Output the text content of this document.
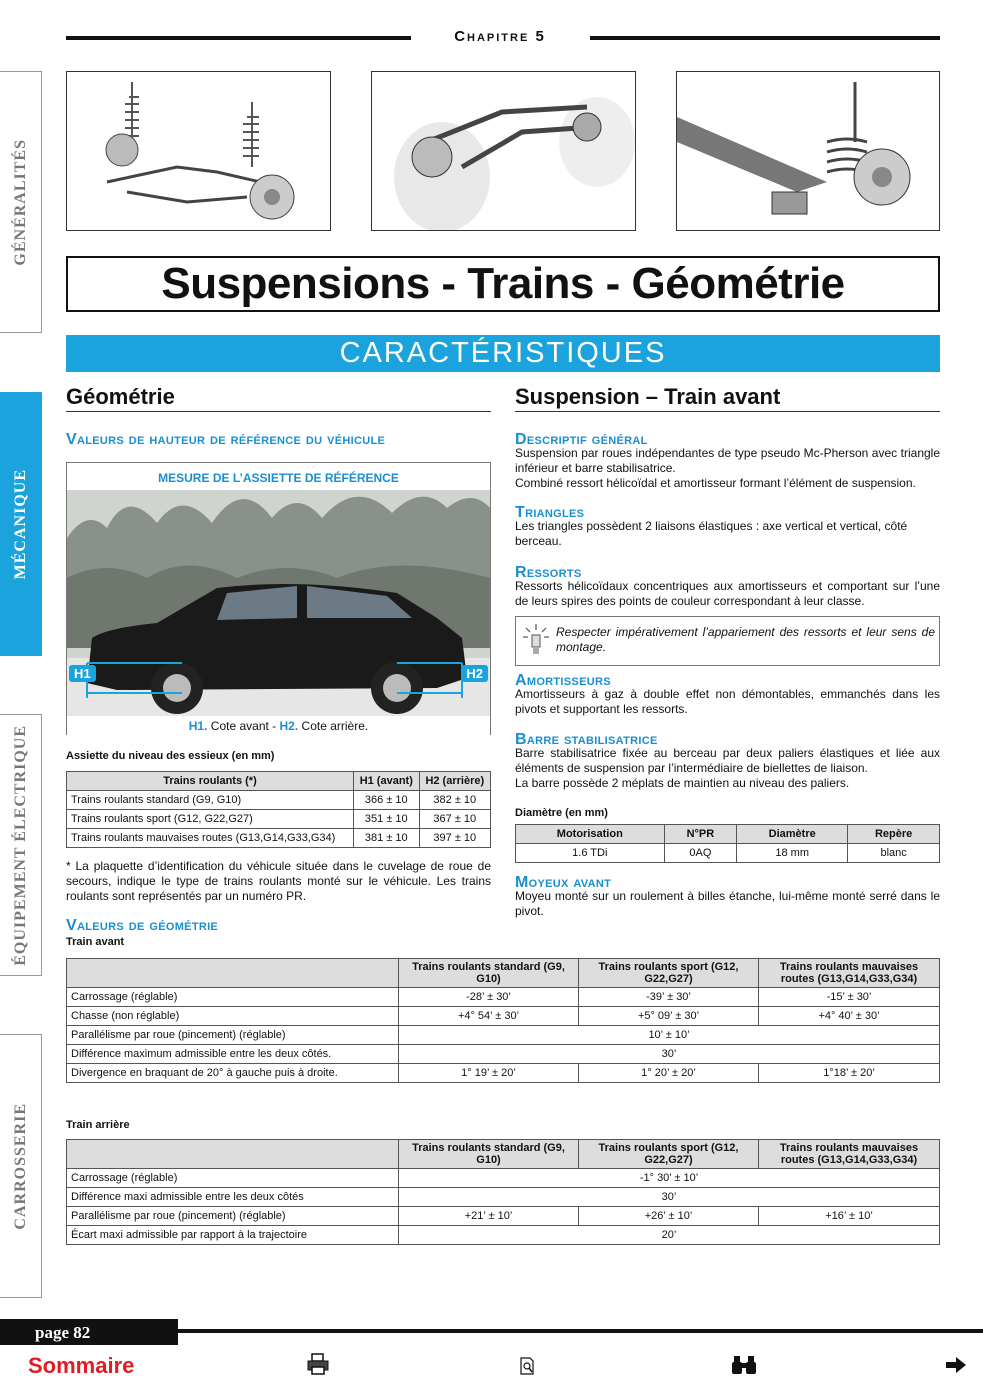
Chapitre 5
GÉNÉRALITÉS
MÉCANIQUE
ÉQUIPEMENT ÉLECTRIQUE
CARROSSERIE
Suspensions - Trains - Géométrie
CARACTÉRISTIQUES
Géométrie
Valeurs de hauteur de référence du véhicule
MESURE DE L’ASSIETTE DE RÉFÉRENCE
H1	H2
H1. Cote avant - H2. Cote arrière.
Assiette du niveau des essieux (en mm)
Trains roulants (*)	H1 (avant)	H2 (arrière)
Trains roulants standard (G9, G10)	366 ± 10	382 ± 10
Trains roulants sport (G12, G22,G27)	351 ± 10	367 ± 10
Trains roulants mauvaises routes (G13,G14,G33,G34)	381 ± 10	397 ± 10
* La plaquette d’identification du véhicule située dans le cuvelage de roue de secours, indique le type de trains roulants monté sur le véhicule. Les trains roulants sont représentés par un numéro PR.
Valeurs de géométrie
Train avant
Suspension – Train avant
Descriptif général
Suspension par roues indépendantes de type pseudo Mc-Pherson avec triangle inférieur et barre stabilisatrice.
Combiné ressort hélicoïdal et amortisseur formant l’élément de suspension.
Triangles
Les triangles possèdent 2 liaisons élastiques : axe vertical et vertical, côté berceau.
Ressorts
Ressorts hélicoïdaux concentriques aux amortisseurs et comportant sur l’une de leurs spires des points de couleur correspondant à leur classe.
Respecter impérativement l’appariement des ressorts et leur sens de montage.
Amortisseurs
Amortisseurs à gaz à double effet non démontables, emmanchés dans les pivots et supportant les ressorts.
Barre stabilisatrice
Barre stabilisatrice fixée au berceau par deux paliers élastiques et liée aux éléments de suspension par l’intermédiaire de biellettes de liaison.
La barre possède 2 méplats de maintien au niveau des paliers.
Diamètre (en mm)
Motorisation	N°PR	Diamètre	Repère
1.6 TDi	0AQ	18 mm	blanc
Moyeux avant
Moyeu monté sur un roulement à billes étanche, lui-même monté serré dans le pivot.
	Trains roulants standard (G9, G10)	Trains roulants sport (G12, G22,G27)	Trains roulants mauvaises routes (G13,G14,G33,G34)
Carrossage (réglable)	-28’ ± 30’	-39’ ± 30’	-15’ ± 30’
Chasse (non réglable)	+4° 54’ ± 30’	+5° 09’ ± 30’	+4° 40’ ± 30’
Parallélisme par roue (pincement) (réglable)	10’ ± 10’		
Différence maximum admissible entre les deux côtés.	30’		
Divergence en braquant de 20° à gauche puis à droite.	1° 19’ ± 20’	1° 20’ ± 20’	1°18’ ± 20’
Train arrière
	Trains roulants standard (G9, G10)	Trains roulants sport (G12, G22,G27)	Trains roulants mauvaises routes (G13,G14,G33,G34)
Carrossage (réglable)	-1° 30’ ± 10’		
Différence maxi admissible entre les deux côtés	30’		
Parallélisme par roue (pincement) (réglable)	+21’ ± 10’	+26’ ± 10’	+16’ ± 10’
Écart maxi admissible par rapport à la trajectoire	20’		
page 82
Sommaire
